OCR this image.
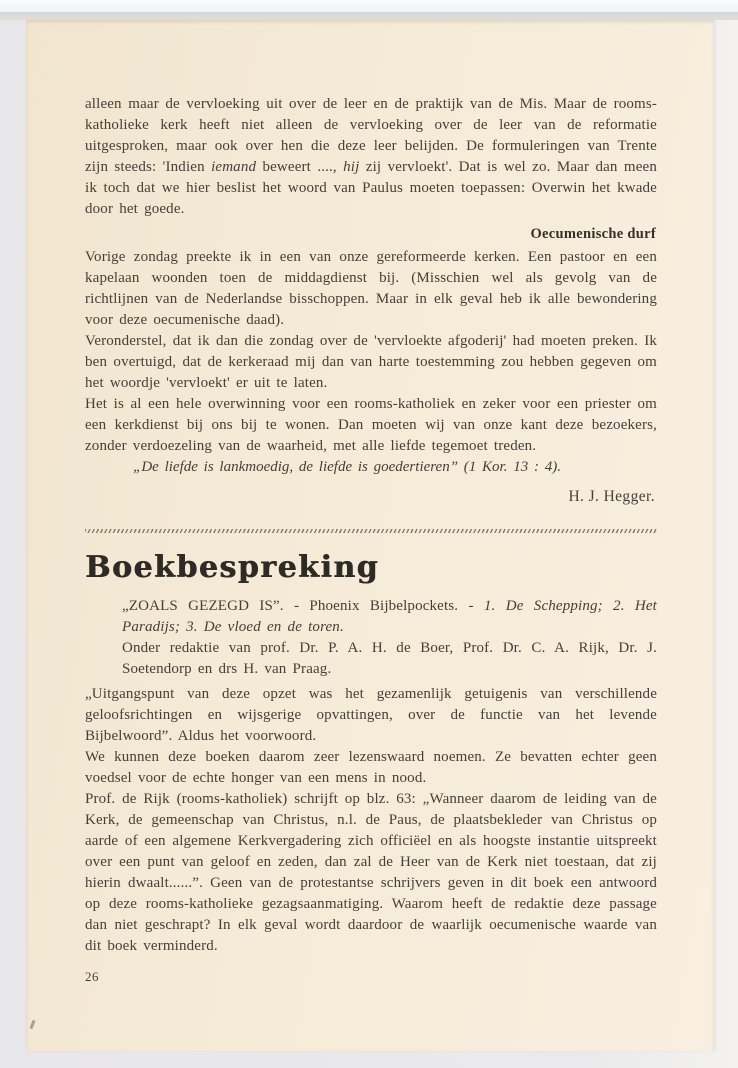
alleen maar de vervloeking uit over de leer en de praktijk van de Mis. Maar de rooms-katholieke kerk heeft niet alleen de vervloeking over de leer van de reformatie uitgesproken, maar ook over hen die deze leer belijden. De formuleringen van Trente zijn steeds: 'Indien iemand beweert ...., hij zij vervloekt'. Dat is wel zo. Maar dan meen ik toch dat we hier beslist het woord van Paulus moeten toepassen: Overwin het kwade door het goede.

Oecumenische durf

Vorige zondag preekte ik in een van onze gereformeerde kerken. Een pastoor en een kapelaan woonden toen de middagdienst bij. (Misschien wel als gevolg van de richtlijnen van de Nederlandse bisschoppen. Maar in elk geval heb ik alle bewondering voor deze oecumenische daad).

Veronderstel, dat ik dan die zondag over de 'vervloekte afgoderij' had moeten preken. Ik ben overtuigd, dat de kerkeraad mij dan van harte toestemming zou hebben gegeven om het woordje 'vervloekt' er uit te laten.

Het is al een hele overwinning voor een rooms-katholiek en zeker voor een priester om een kerkdienst bij ons bij te wonen. Dan moeten wij van onze kant deze bezoekers, zonder verdoezeling van de waarheid, met alle liefde tegemoet treden.

„De liefde is lankmoedig, de liefde is goedertieren” (1 Kor. 13 : 4).

H. J. Hegger.
Boekbespreking

„ZOALS GEZEGD IS”. - Phoenix Bijbelpockets. - 1. De Schepping; 2. Het Paradijs; 3. De vloed en de toren.

Onder redaktie van prof. Dr. P. A. H. de Boer, Prof. Dr. C. A. Rijk, Dr. J. Soetendorp en drs H. van Praag.

„Uitgangspunt van deze opzet was het gezamenlijk getuigenis van verschillende geloofsrichtingen en wijsgerige opvattingen, over de functie van het levende Bijbelwoord”. Aldus het voorwoord.

We kunnen deze boeken daarom zeer lezenswaard noemen. Ze bevatten echter geen voedsel voor de echte honger van een mens in nood.

Prof. de Rijk (rooms-katholiek) schrijft op blz. 63: „Wanneer daarom de leiding van de Kerk, de gemeenschap van Christus, n.l. de Paus, de plaatsbekleder van Christus op aarde of een algemene Kerkvergadering zich officiëel en als hoogste instantie uitspreekt over een punt van geloof en zeden, dan zal de Heer van de Kerk niet toestaan, dat zij hierin dwaalt......”. Geen van de protestantse schrijvers geven in dit boek een antwoord op deze rooms-katholieke gezagsaanmatiging. Waarom heeft de redaktie deze passage dan niet geschrapt? In elk geval wordt daardoor de waarlijk oecumenische waarde van dit boek verminderd.

26
